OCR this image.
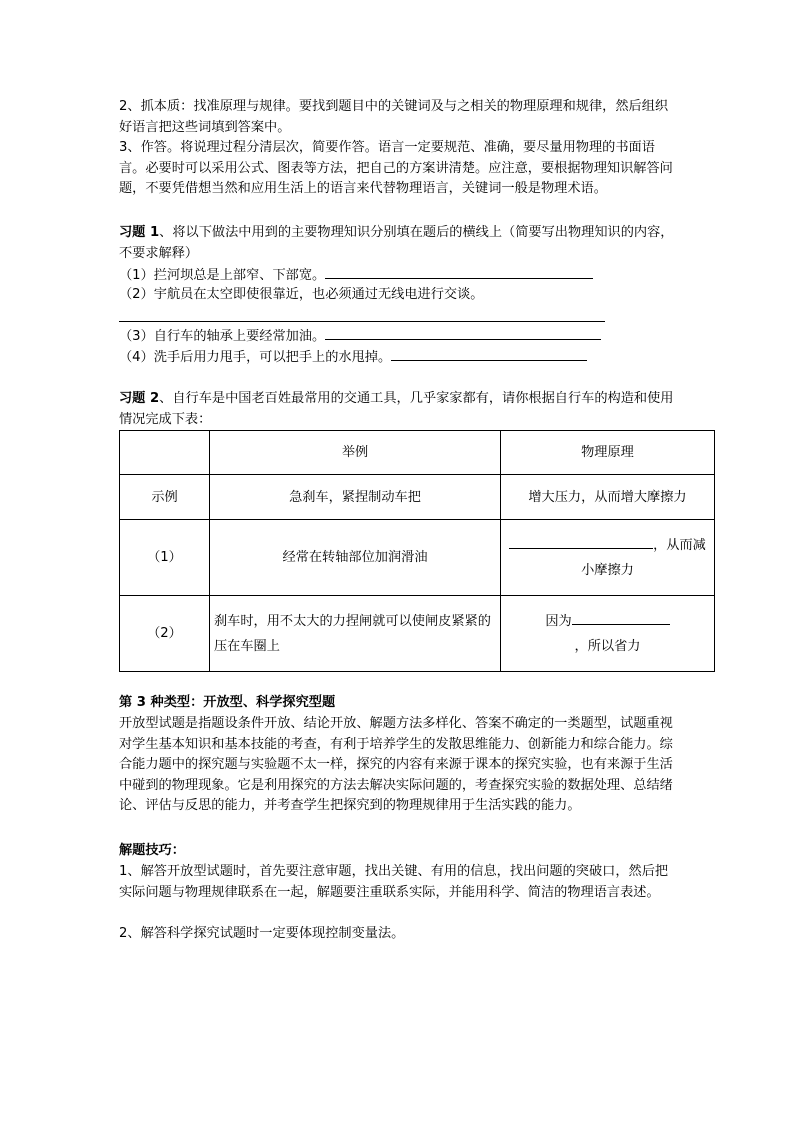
2、抓本质：找准原理与规律。要找到题目中的关键词及与之相关的物理原理和规律，然后组织好语言把这些词填到答案中。

3、作答。将说理过程分清层次，简要作答。语言一定要规范、准确，要尽量用物理的书面语言。必要时可以采用公式、图表等方法，把自己的方案讲清楚。应注意，要根据物理知识解答问题，不要凭借想当然和应用生活上的语言来代替物理语言，关键词一般是物理术语。

习题 1、将以下做法中用到的主要物理知识分别填在题后的横线上（简要写出物理知识的内容，不要求解释）

（1）拦河坝总是上部窄、下部宽。

（2）宇航员在太空即使很靠近，也必须通过无线电进行交谈。

（3）自行车的轴承上要经常加油。

（4）洗手后用力甩手，可以把手上的水甩掉。

习题 2、自行车是中国老百姓最常用的交通工具，几乎家家都有，请你根据自行车的构造和使用情况完成下表：

	举例	物理原理
示例	急刹车，紧捏制动车把	增大压力，从而增大摩擦力
（1）	经常在转轴部位加润滑油	，从而减
小摩擦力

（2）	刹车时，用不太大的力捏闸就可以使闸皮紧紧的压在车圈上	因为
，所以省力

第 3 种类型：开放型、科学探究型题

开放型试题是指题设条件开放、结论开放、解题方法多样化、答案不确定的一类题型，试题重视对学生基本知识和基本技能的考查，有利于培养学生的发散思维能力、创新能力和综合能力。综合能力题中的探究题与实验题不太一样，探究的内容有来源于课本的探究实验，也有来源于生活中碰到的物理现象。它是利用探究的方法去解决实际问题的，考查探究实验的数据处理、总结绪论、评估与反思的能力，并考查学生把探究到的物理规律用于生活实践的能力。

解题技巧：

1、解答开放型试题时，首先要注意审题，找出关键、有用的信息，找出问题的突破口，然后把实际问题与物理规律联系在一起，解题要注重联系实际，并能用科学、简洁的物理语言表述。

2、解答科学探究试题时一定要体现控制变量法。
